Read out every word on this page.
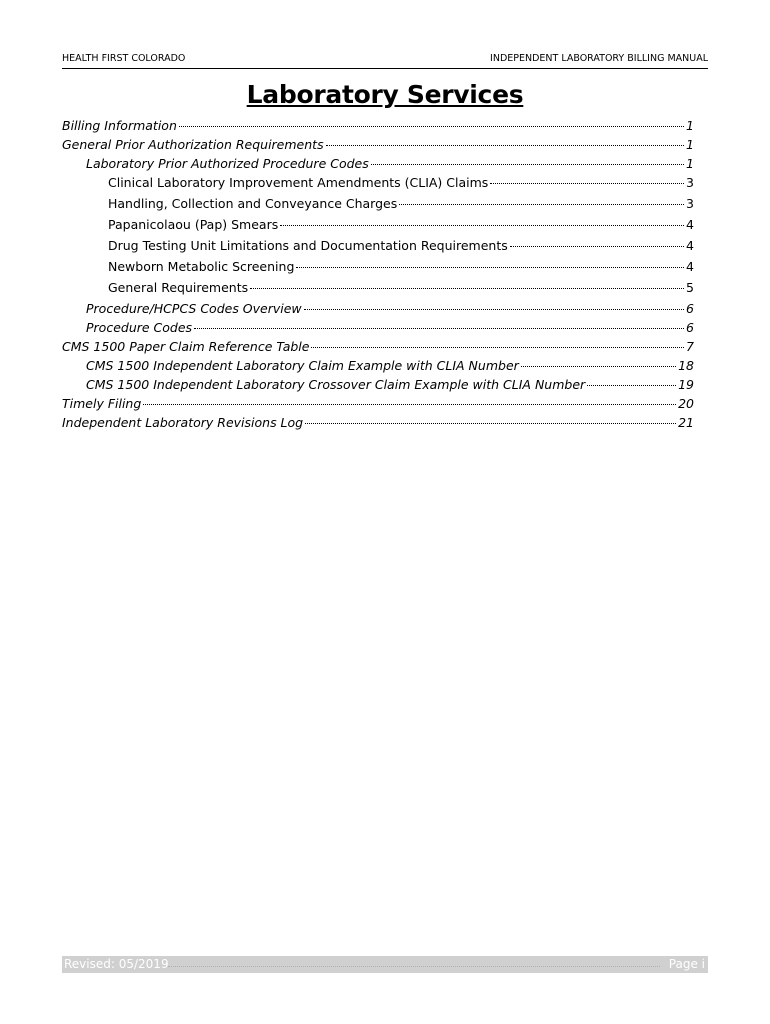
HEALTH FIRST COLORADO	INDEPENDENT LABORATORY BILLING MANUAL
Laboratory Services
Billing Information	1
General Prior Authorization Requirements	1
Laboratory Prior Authorized Procedure Codes	1
Clinical Laboratory Improvement Amendments (CLIA) Claims	3
Handling, Collection and Conveyance Charges	3
Papanicolaou (Pap) Smears	4
Drug Testing Unit Limitations and Documentation Requirements	4
Newborn Metabolic Screening	4
General Requirements	5
Procedure/HCPCS Codes Overview	6
Procedure Codes	6
CMS 1500 Paper Claim Reference Table	7
CMS 1500 Independent Laboratory Claim Example with CLIA Number	18
CMS 1500 Independent Laboratory Crossover Claim Example with CLIA Number	19
Timely Filing	20
Independent Laboratory Revisions Log	21
Revised: 05/2019	Page i
